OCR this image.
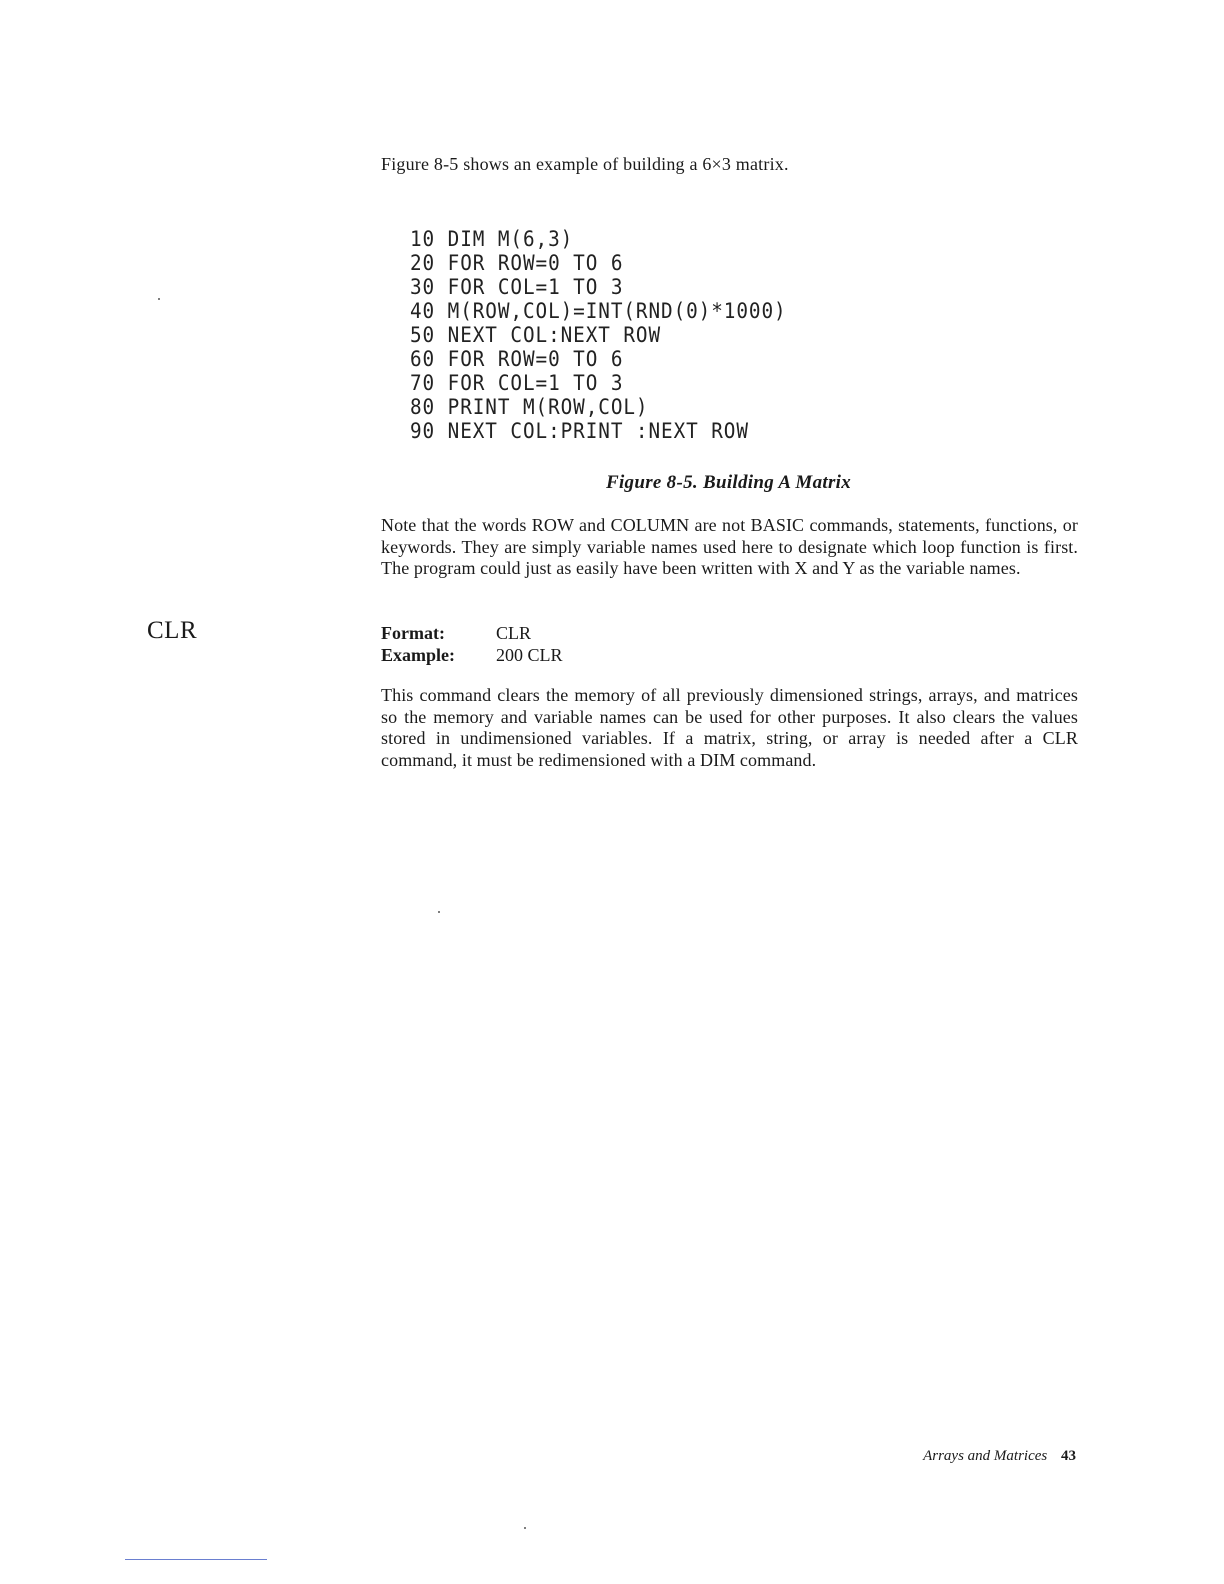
Figure 8-5 shows an example of building a 6×3 matrix.
10 DIM M(6,3)
20 FOR ROW=0 TO 6
30 FOR COL=1 TO 3
40 M(ROW,COL)=INT(RND(0)*1000)
50 NEXT COL:NEXT ROW
60 FOR ROW=0 TO 6
70 FOR COL=1 TO 3
80 PRINT M(ROW,COL)
90 NEXT COL:PRINT :NEXT ROW
Figure 8-5. Building A Matrix

Note that the words ROW and COLUMN are not BASIC commands, statements, functions, or keywords. They are simply variable names used here to designate which loop function is first. The program could just as easily have been written with X and Y as the variable names.

CLR	Format:	CLR
Example:	200 CLR

This command clears the memory of all previously dimensioned strings, arrays, and matrices so the memory and variable names can be used for other purposes. It also clears the values stored in undimensioned variables. If a matrix, string, or array is needed after a CLR command, it must be redimensioned with a DIM command.

Arrays and Matrices 43
